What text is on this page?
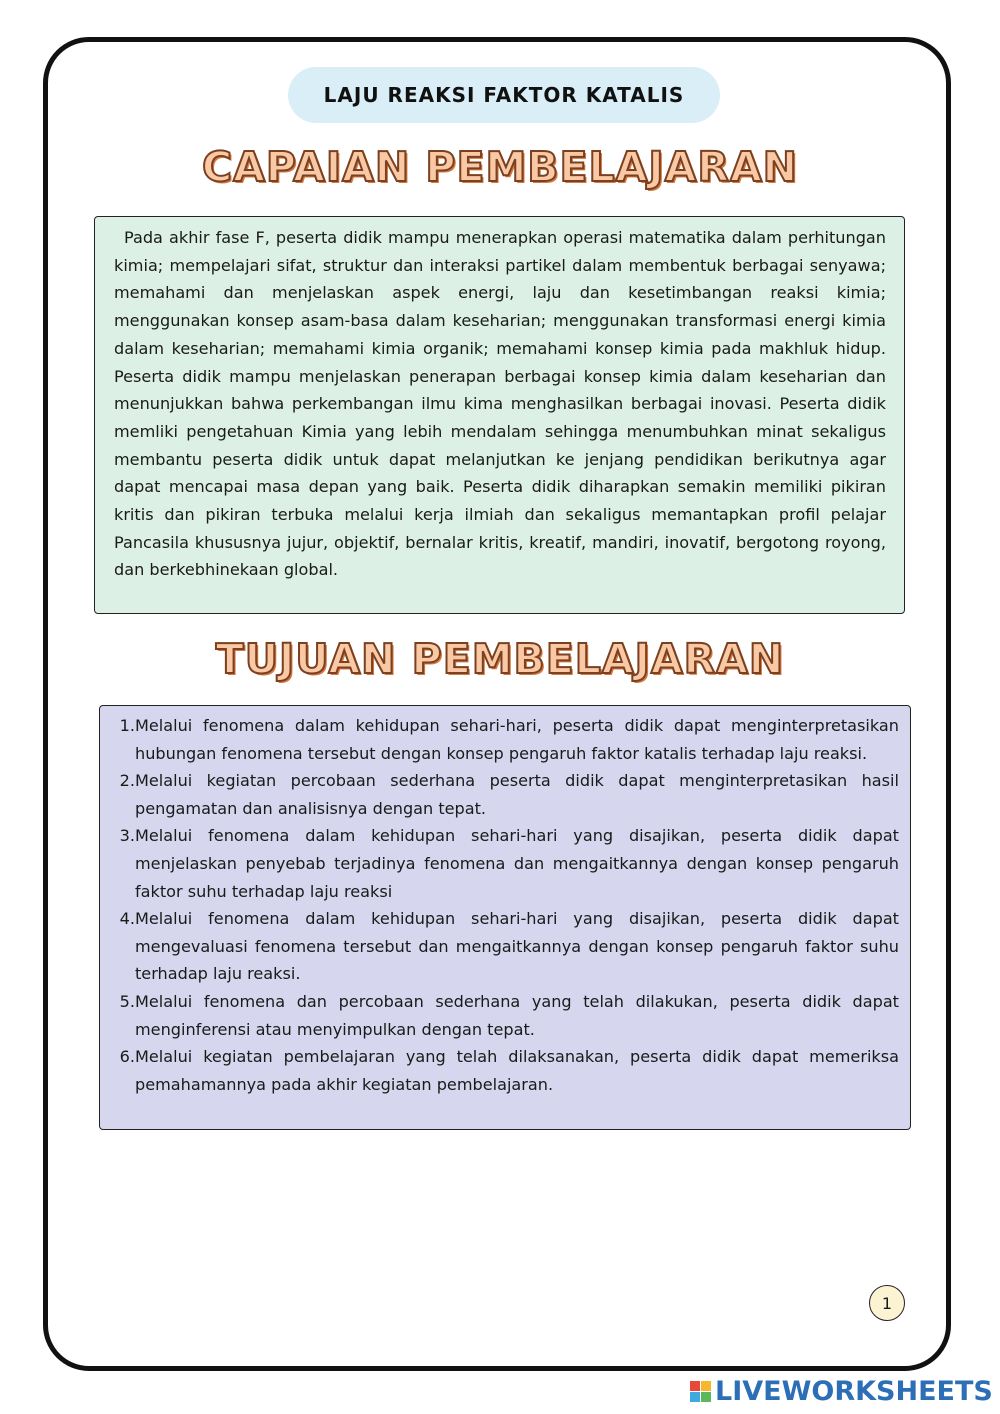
LAJU REAKSI FAKTOR KATALIS
CAPAIAN PEMBELAJARAN
Pada akhir fase F, peserta didik mampu menerapkan operasi matematika dalam perhitungan kimia; mempelajari sifat, struktur dan interaksi partikel dalam membentuk berbagai senyawa; memahami dan menjelaskan aspek energi, laju dan kesetimbangan reaksi kimia; menggunakan konsep asam-basa dalam keseharian; menggunakan transformasi energi kimia dalam keseharian; memahami kimia organik; memahami konsep kimia pada makhluk hidup. Peserta didik mampu menjelaskan penerapan berbagai konsep kimia dalam keseharian dan menunjukkan bahwa perkembangan ilmu kima menghasilkan berbagai inovasi. Peserta didik memliki pengetahuan Kimia yang lebih mendalam sehingga menumbuhkan minat sekaligus membantu peserta didik untuk dapat melanjutkan ke jenjang pendidikan berikutnya agar dapat mencapai masa depan yang baik. Peserta didik diharapkan semakin memiliki pikiran kritis dan pikiran terbuka melalui kerja ilmiah dan sekaligus memantapkan profil pelajar Pancasila khususnya jujur, objektif, bernalar kritis, kreatif, mandiri, inovatif, bergotong royong, dan berkebhinekaan global.
TUJUAN PEMBELAJARAN
1. Melalui fenomena dalam kehidupan sehari-hari, peserta didik dapat menginterpretasikan hubungan fenomena tersebut dengan konsep pengaruh faktor katalis terhadap laju reaksi.
2. Melalui kegiatan percobaan sederhana peserta didik dapat menginterpretasikan hasil pengamatan dan analisisnya dengan tepat.
3. Melalui fenomena dalam kehidupan sehari-hari yang disajikan, peserta didik dapat menjelaskan penyebab terjadinya fenomena dan mengaitkannya dengan konsep pengaruh faktor suhu terhadap laju reaksi
4. Melalui fenomena dalam kehidupan sehari-hari yang disajikan, peserta didik dapat mengevaluasi fenomena tersebut dan mengaitkannya dengan konsep pengaruh faktor suhu terhadap laju reaksi.
5. Melalui fenomena dan percobaan sederhana yang telah dilakukan, peserta didik dapat menginferensi atau menyimpulkan dengan tepat.
6. Melalui kegiatan pembelajaran yang telah dilaksanakan, peserta didik dapat memeriksa pemahamannya pada akhir kegiatan pembelajaran.
1
LIVEWORKSHEETS
